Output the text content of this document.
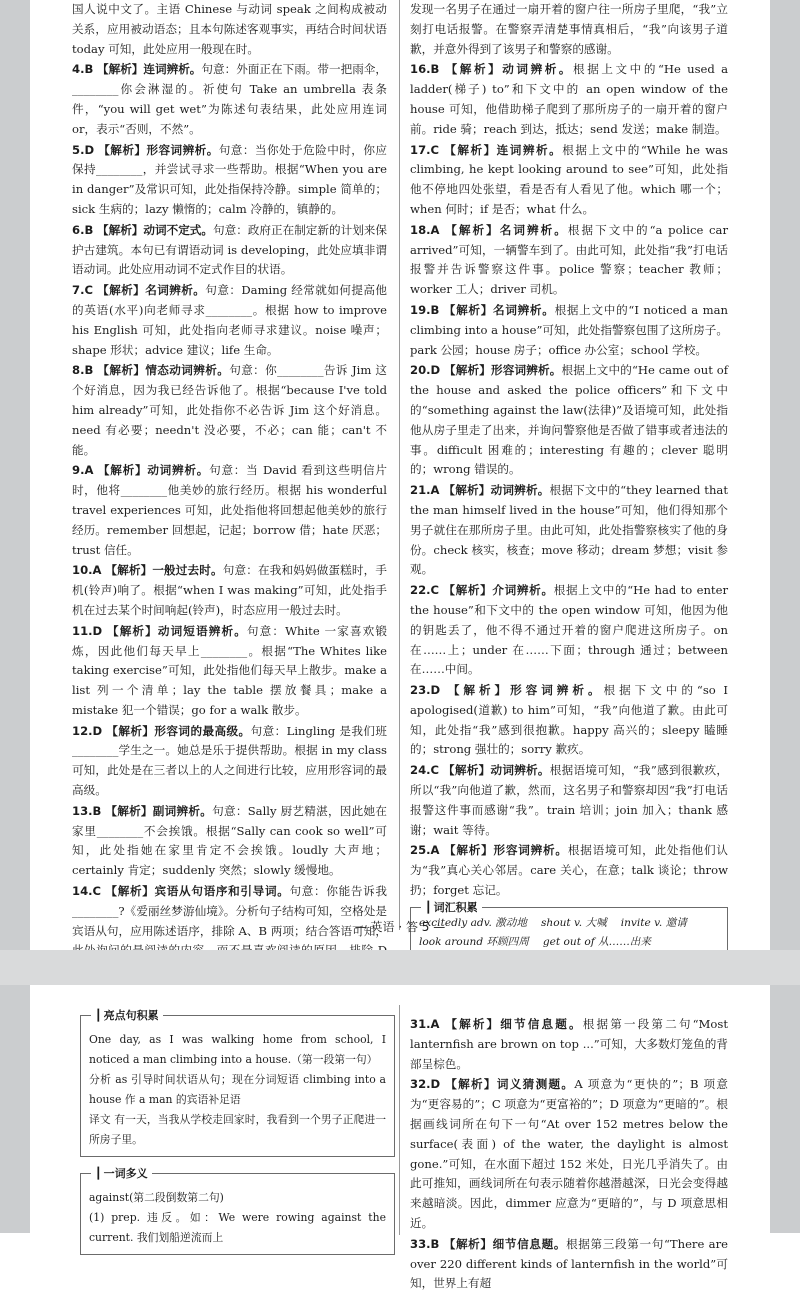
国人说中文了。主语 Chinese 与动词 speak 之间构成被动关系，应用被动语态；且本句陈述客观事实，再结合时间状语 today 可知，此处应用一般现在时。
4.B 【解析】连词辨析。句意：外面正在下雨。带一把雨伞，________你会淋湿的。祈使句 Take an umbrella 表条件，“you will get wet”为陈述句表结果，此处应用连词 or，表示“否则，不然”。
5.D 【解析】形容词辨析。句意：当你处于危险中时，你应保持________，并尝试寻求一些帮助。根据“When you are in danger”及常识可知，此处指保持冷静。simple 简单的；sick 生病的；lazy 懒惰的；calm 冷静的，镇静的。
6.B 【解析】动词不定式。句意：政府正在制定新的计划来保护古建筑。本句已有谓语动词 is developing，此处应填非谓语动词。此处应用动词不定式作目的状语。
7.C 【解析】名词辨析。句意：Daming 经常就如何提高他的英语(水平)向老师寻求________。根据 how to improve his English 可知，此处指向老师寻求建议。noise 噪声；shape 形状；advice 建议；life 生命。
8.B 【解析】情态动词辨析。句意：你________告诉 Jim 这个好消息，因为我已经告诉他了。根据“because I've told him already”可知，此处指你不必告诉 Jim 这个好消息。need 有必要；needn't 没必要，不必；can 能；can't 不能。
9.A 【解析】动词辨析。句意：当 David 看到这些明信片时，他将________他美妙的旅行经历。根据 his wonderful travel experiences 可知，此处指他将回想起他美妙的旅行经历。remember 回想起，记起；borrow 借；hate 厌恶；trust 信任。
10.A 【解析】一般过去时。句意：在我和妈妈做蛋糕时，手机(铃声)响了。根据“when I was making”可知，此处指手机在过去某个时间响起(铃声)，时态应用一般过去时。
11.D 【解析】动词短语辨析。句意：White 一家喜欢锻炼，因此他们每天早上________。根据“The Whites like taking exercise”可知，此处指他们每天早上散步。make a list 列一个清单；lay the table 摆放餐具；make a mistake 犯一个错误；go for a walk 散步。
12.D 【解析】形容词的最高级。句意：Lingling 是我们班________学生之一。她总是乐于提供帮助。根据 in my class 可知，此处是在三者以上的人之间进行比较，应用形容词的最高级。
13.B 【解析】副词辨析。句意：Sally 厨艺精湛，因此她在家里________不会挨饿。根据“Sally can cook so well”可知，此处指她在家里肯定不会挨饿。loudly 大声地；certainly 肯定；suddenly 突然；slowly 缓慢地。
14.C 【解析】宾语从句语序和引导词。句意：你能告诉我________?《爱丽丝梦游仙境》。分析句子结构可知，空格处是宾语从句，应用陈述语序，排除 A、B 两项；结合答语可知，
发现一名男子在通过一扇开着的窗户往一所房子里爬，“我”立刻打电话报警。在警察弄清楚事情真相后，“我”向该男子道歉，并意外得到了该男子和警察的感谢。
16.B 【解析】动词辨析。根据上文中的“He used a ladder(梯子) to”和下文中的 an open window of the house 可知，他借助梯子爬到了那所房子的一扇开着的窗户前。ride 骑；reach 到达，抵达；send 发送；make 制造。
17.C 【解析】连词辨析。根据上文中的“While he was climbing, he kept looking around to see”可知，此处指他不停地四处张望，看是否有人看见了他。which 哪一个；when 何时；if 是否；what 什么。
18.A 【解析】名词辨析。根据下文中的“a police car arrived”可知，一辆警车到了。由此可知，此处指“我”打电话报警并告诉警察这件事。police 警察；teacher 教师；worker 工人；driver 司机。
19.B 【解析】名词辨析。根据上文中的“I noticed a man climbing into a house”可知，此处指警察包围了这所房子。park 公园；house 房子；office 办公室；school 学校。
20.D 【解析】形容词辨析。根据上文中的“He came out of the house and asked the police officers”和下文中的“something against the law(法律)”及语境可知，此处指他从房子里走了出来，并询问警察他是否做了错事或者违法的事。difficult 困难的；interesting 有趣的；clever 聪明的；wrong 错误的。
21.A 【解析】动词辨析。根据下文中的“they learned that the man himself lived in the house”可知，他们得知那个男子就住在那所房子里。由此可知，此处指警察核实了他的身份。check 核实，核查；move 移动；dream 梦想；visit 参观。
22.C 【解析】介词辨析。根据上文中的“He had to enter the house”和下文中的 the open window 可知，他因为他的钥匙丢了，他不得不通过开着的窗户爬进这所房子。on 在……上；under 在……下面；through 通过；between 在……中间。
23.D 【解析】形容词辨析。根据下文中的“so I apologised(道歉) to him”可知，“我”向他道了歉。由此可知，此处指“我”感到很抱歉。happy 高兴的；sleepy 瞌睡的；strong 强壮的；sorry 歉疚。
24.C 【解析】动词辨析。根据语境可知，“我”感到很歉疚，所以“我”向他道了歉，然而，这名男子和警察却因“我”打电话报警这件事而感谢“我”。train 培训；join 加入；thank 感谢；wait 等待。
25.A 【解析】形容词辨析。根据语境可知，此处指他们认为“我”真心关心邻居。care 关心，在意；talk 谈论；throw 扔；forget 忘记。
┃ 词汇积累
excitedly adv. 激动地 shout v. 大喊 invite v. 邀请
look around 环顾四周 get out of 从……出来
— 英语 · 答 5 —
┃ 亮点句积累
One day, as I was walking home from school, I noticed a man climbing into a house.（第一段第一句）
分析 as 引导时间状语从句；现在分词短语 climbing into a house 作 a man 的宾语补足语
译文 有一天，当我从学校走回家时，我看到一个男子正爬进一所房子里。
┃ 一词多义
against(第二段倒数第二句)
(1) prep. 违反。如：We were rowing against the current. 我们划船逆流而上
31.A 【解析】细节信息题。根据第一段第二句“Most lanternfish are brown on top ...”可知，大多数灯笼鱼的背部呈棕色。
32.D 【解析】词义猜测题。A 项意为“更快的”；B 项意为“更容易的”；C 项意为“更富裕的”；D 项意为“更暗的”。根据画线词所在句下一句“At over 152 metres below the surface(表面) of the water, the daylight is almost gone.”可知，在水面下超过 152 米处，日光几乎消失了。由此可推知，画线词所在句表示随着你越潜越深，日光会变得越来越暗淡。因此，dimmer 应意为“更暗的”，与 D 项意思相近。
33.B 【解析】细节信息题。根据第三段第一句“There are over 220 different kinds of lanternfish in the world”可知，世界上有超
